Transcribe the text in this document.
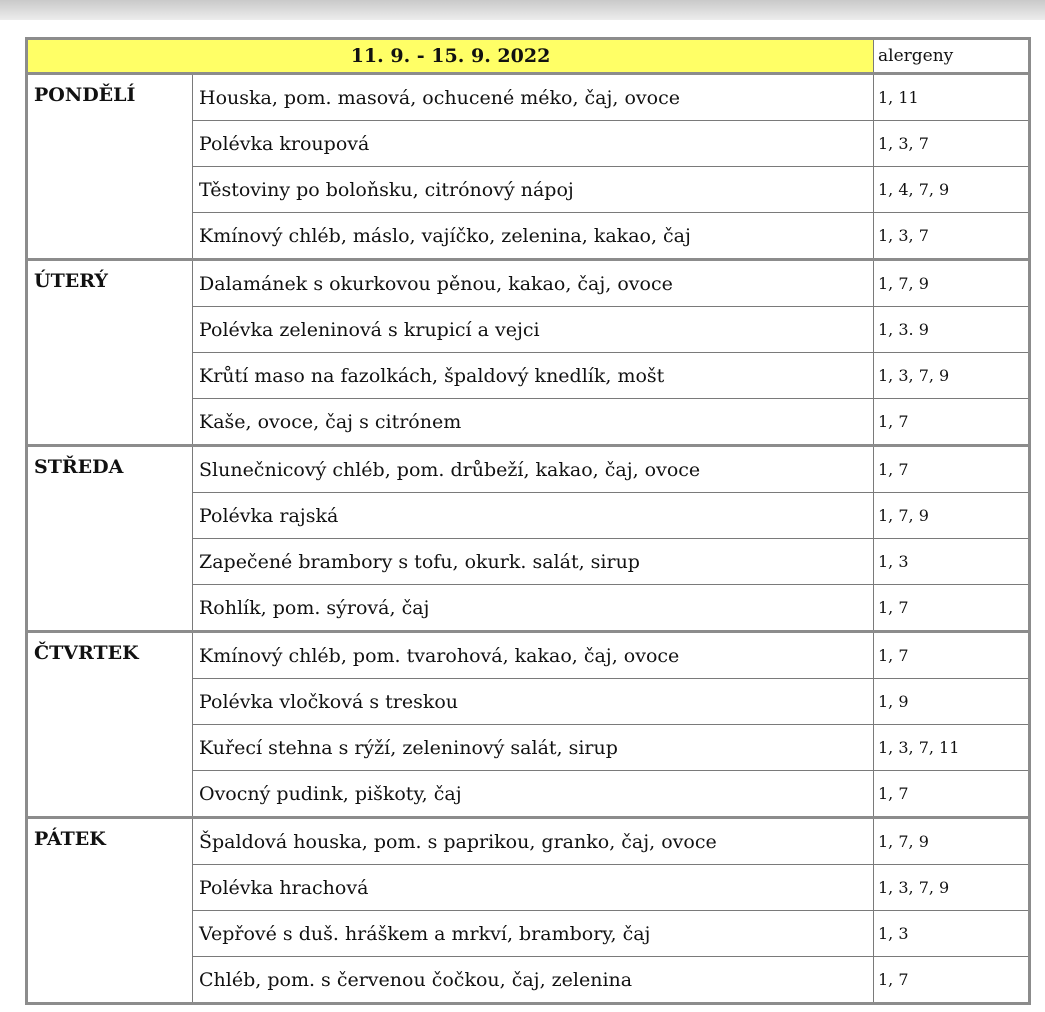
11. 9. - 15. 9. 2022		alergeny
PONDĚLÍ	Houska, pom. masová, ochucené méko, čaj, ovoce	1, 11
	Polévka kroupová	1, 3, 7
	Těstoviny po boloňsku, citrónový nápoj	1, 4, 7, 9
	Kmínový chléb, máslo, vajíčko, zelenina, kakao, čaj	1, 3, 7
ÚTERÝ	Dalamánek s okurkovou pěnou, kakao, čaj, ovoce	1, 7, 9
	Polévka zeleninová s krupicí a vejci	1, 3. 9
	Krůtí maso na fazolkách, špaldový knedlík, mošt	1, 3, 7, 9
	Kaše, ovoce, čaj s citrónem	1, 7
STŘEDA	Slunečnicový chléb, pom. drůbeží, kakao, čaj, ovoce	1, 7
	Polévka rajská	1, 7, 9
	Zapečené brambory s tofu, okurk. salát, sirup	1, 3
	Rohlík, pom. sýrová, čaj	1, 7
ČTVRTEK	Kmínový chléb, pom. tvarohová, kakao, čaj, ovoce	1, 7
	Polévka vločková s treskou	1, 9
	Kuřecí stehna s rýží, zeleninový salát, sirup	1, 3, 7, 11
	Ovocný pudink, piškoty, čaj	1, 7
PÁTEK	Špaldová houska, pom. s paprikou, granko, čaj, ovoce	1, 7, 9
	Polévka hrachová	1, 3, 7, 9
	Vepřové s duš. hráškem a mrkví, brambory, čaj	1, 3
	Chléb, pom. s červenou čočkou, čaj, zelenina	1, 7
